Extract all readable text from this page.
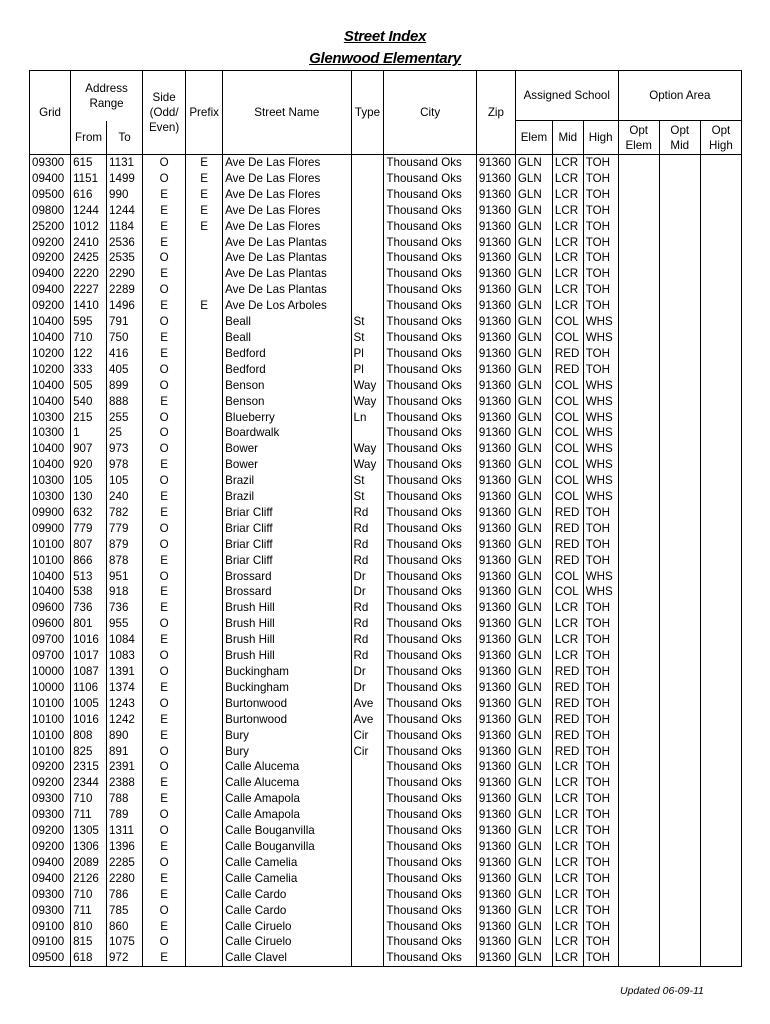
Street Index
Glenwood Elementary
Grid	Address Range		Side (Odd/ Even)	Prefix	Street Name	Type	City	Zip	Assigned School			Option Area		
	From	To							Elem	Mid	High	Opt Elem	Opt Mid	Opt High
09300	615	1131	O	E	Ave De Las Flores		Thousand Oks	91360	GLN	LCR	TOH			
09400	1151	1499	O	E	Ave De Las Flores		Thousand Oks	91360	GLN	LCR	TOH			
09500	616	990	E	E	Ave De Las Flores		Thousand Oks	91360	GLN	LCR	TOH			
09800	1244	1244	E	E	Ave De Las Flores		Thousand Oks	91360	GLN	LCR	TOH			
25200	1012	1184	E	E	Ave De Las Flores		Thousand Oks	91360	GLN	LCR	TOH			
09200	2410	2536	E		Ave De Las Plantas		Thousand Oks	91360	GLN	LCR	TOH			
09200	2425	2535	O		Ave De Las Plantas		Thousand Oks	91360	GLN	LCR	TOH			
09400	2220	2290	E		Ave De Las Plantas		Thousand Oks	91360	GLN	LCR	TOH			
09400	2227	2289	O		Ave De Las Plantas		Thousand Oks	91360	GLN	LCR	TOH			
09200	1410	1496	E	E	Ave De Los Arboles		Thousand Oks	91360	GLN	LCR	TOH			
10400	595	791	O		Beall	St	Thousand Oks	91360	GLN	COL	WHS			
10400	710	750	E		Beall	St	Thousand Oks	91360	GLN	COL	WHS			
10200	122	416	E		Bedford	Pl	Thousand Oks	91360	GLN	RED	TOH			
10200	333	405	O		Bedford	Pl	Thousand Oks	91360	GLN	RED	TOH			
10400	505	899	O		Benson	Way	Thousand Oks	91360	GLN	COL	WHS			
10400	540	888	E		Benson	Way	Thousand Oks	91360	GLN	COL	WHS			
10300	215	255	O		Blueberry	Ln	Thousand Oks	91360	GLN	COL	WHS			
10300	1	25	O		Boardwalk		Thousand Oks	91360	GLN	COL	WHS			
10400	907	973	O		Bower	Way	Thousand Oks	91360	GLN	COL	WHS			
10400	920	978	E		Bower	Way	Thousand Oks	91360	GLN	COL	WHS			
10300	105	105	O		Brazil	St	Thousand Oks	91360	GLN	COL	WHS			
10300	130	240	E		Brazil	St	Thousand Oks	91360	GLN	COL	WHS			
09900	632	782	E		Briar Cliff	Rd	Thousand Oks	91360	GLN	RED	TOH			
09900	779	779	O		Briar Cliff	Rd	Thousand Oks	91360	GLN	RED	TOH			
10100	807	879	O		Briar Cliff	Rd	Thousand Oks	91360	GLN	RED	TOH			
10100	866	878	E		Briar Cliff	Rd	Thousand Oks	91360	GLN	RED	TOH			
10400	513	951	O		Brossard	Dr	Thousand Oks	91360	GLN	COL	WHS			
10400	538	918	E		Brossard	Dr	Thousand Oks	91360	GLN	COL	WHS			
09600	736	736	E		Brush Hill	Rd	Thousand Oks	91360	GLN	LCR	TOH			
09600	801	955	O		Brush Hill	Rd	Thousand Oks	91360	GLN	LCR	TOH			
09700	1016	1084	E		Brush Hill	Rd	Thousand Oks	91360	GLN	LCR	TOH			
09700	1017	1083	O		Brush Hill	Rd	Thousand Oks	91360	GLN	LCR	TOH			
10000	1087	1391	O		Buckingham	Dr	Thousand Oks	91360	GLN	RED	TOH			
10000	1106	1374	E		Buckingham	Dr	Thousand Oks	91360	GLN	RED	TOH			
10100	1005	1243	O		Burtonwood	Ave	Thousand Oks	91360	GLN	RED	TOH			
10100	1016	1242	E		Burtonwood	Ave	Thousand Oks	91360	GLN	RED	TOH			
10100	808	890	E		Bury	Cir	Thousand Oks	91360	GLN	RED	TOH			
10100	825	891	O		Bury	Cir	Thousand Oks	91360	GLN	RED	TOH			
09200	2315	2391	O		Calle Alucema		Thousand Oks	91360	GLN	LCR	TOH			
09200	2344	2388	E		Calle Alucema		Thousand Oks	91360	GLN	LCR	TOH			
09300	710	788	E		Calle Amapola		Thousand Oks	91360	GLN	LCR	TOH			
09300	711	789	O		Calle Amapola		Thousand Oks	91360	GLN	LCR	TOH			
09200	1305	1311	O		Calle Bouganvilla		Thousand Oks	91360	GLN	LCR	TOH			
09200	1306	1396	E		Calle Bouganvilla		Thousand Oks	91360	GLN	LCR	TOH			
09400	2089	2285	O		Calle Camelia		Thousand Oks	91360	GLN	LCR	TOH			
09400	2126	2280	E		Calle Camelia		Thousand Oks	91360	GLN	LCR	TOH			
09300	710	786	E		Calle Cardo		Thousand Oks	91360	GLN	LCR	TOH			
09300	711	785	O		Calle Cardo		Thousand Oks	91360	GLN	LCR	TOH			
09100	810	860	E		Calle Ciruelo		Thousand Oks	91360	GLN	LCR	TOH			
09100	815	1075	O		Calle Ciruelo		Thousand Oks	91360	GLN	LCR	TOH			
09500	618	972	E		Calle Clavel		Thousand Oks	91360	GLN	LCR	TOH			
Updated 06-09-11
